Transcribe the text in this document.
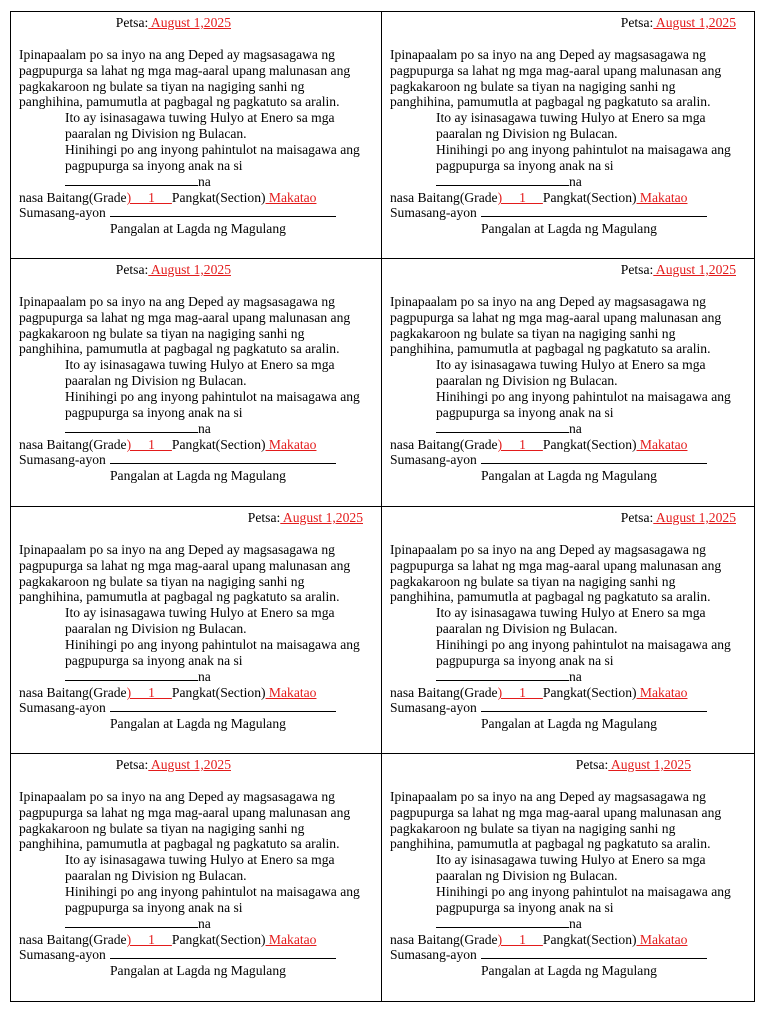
Petsa: August 1,2025

Ipinapaalam po sa inyo na ang Deped ay magsasagawa ng pagpupurga sa lahat ng mga mag-aaral upang malunasan ang pagkakaroon ng bulate sa tiyan na nagiging sanhi ng panghihina, pamumutla at pagbagal ng pagkatuto sa aralin.

Ito ay isinasagawa tuwing Hulyo at Enero sa mga paaralan ng Division ng Bulacan.

Hinihingi po ang inyong pahintulot na maisagawa ang pagpupurga sa inyong anak na si na

nasa Baitang(Grade)     1     Pangkat(Section) Makatao

Sumasang-ayon
Pangalan at Lagda ng Magulang
Petsa: August 1,2025

Ipinapaalam po sa inyo na ang Deped ay magsasagawa ng pagpupurga sa lahat ng mga mag-aaral upang malunasan ang pagkakaroon ng bulate sa tiyan na nagiging sanhi ng panghihina, pamumutla at pagbagal ng pagkatuto sa aralin.

Ito ay isinasagawa tuwing Hulyo at Enero sa mga paaralan ng Division ng Bulacan.

Hinihingi po ang inyong pahintulot na maisagawa ang pagpupurga sa inyong anak na si na

nasa Baitang(Grade)     1     Pangkat(Section) Makatao

Sumasang-ayon
Pangalan at Lagda ng Magulang
Petsa: August 1,2025

Ipinapaalam po sa inyo na ang Deped ay magsasagawa ng pagpupurga sa lahat ng mga mag-aaral upang malunasan ang pagkakaroon ng bulate sa tiyan na nagiging sanhi ng panghihina, pamumutla at pagbagal ng pagkatuto sa aralin.

Ito ay isinasagawa tuwing Hulyo at Enero sa mga paaralan ng Division ng Bulacan.

Hinihingi po ang inyong pahintulot na maisagawa ang pagpupurga sa inyong anak na si na

nasa Baitang(Grade)     1     Pangkat(Section) Makatao

Sumasang-ayon
Pangalan at Lagda ng Magulang
Petsa: August 1,2025

Ipinapaalam po sa inyo na ang Deped ay magsasagawa ng pagpupurga sa lahat ng mga mag-aaral upang malunasan ang pagkakaroon ng bulate sa tiyan na nagiging sanhi ng panghihina, pamumutla at pagbagal ng pagkatuto sa aralin.

Ito ay isinasagawa tuwing Hulyo at Enero sa mga paaralan ng Division ng Bulacan.

Hinihingi po ang inyong pahintulot na maisagawa ang pagpupurga sa inyong anak na si na

nasa Baitang(Grade)     1     Pangkat(Section) Makatao

Sumasang-ayon
Pangalan at Lagda ng Magulang
Petsa: August 1,2025

Ipinapaalam po sa inyo na ang Deped ay magsasagawa ng pagpupurga sa lahat ng mga mag-aaral upang malunasan ang pagkakaroon ng bulate sa tiyan na nagiging sanhi ng panghihina, pamumutla at pagbagal ng pagkatuto sa aralin.

Ito ay isinasagawa tuwing Hulyo at Enero sa mga paaralan ng Division ng Bulacan.

Hinihingi po ang inyong pahintulot na maisagawa ang pagpupurga sa inyong anak na si na

nasa Baitang(Grade)     1     Pangkat(Section) Makatao

Sumasang-ayon
Pangalan at Lagda ng Magulang
Petsa: August 1,2025

Ipinapaalam po sa inyo na ang Deped ay magsasagawa ng pagpupurga sa lahat ng mga mag-aaral upang malunasan ang pagkakaroon ng bulate sa tiyan na nagiging sanhi ng panghihina, pamumutla at pagbagal ng pagkatuto sa aralin.

Ito ay isinasagawa tuwing Hulyo at Enero sa mga paaralan ng Division ng Bulacan.

Hinihingi po ang inyong pahintulot na maisagawa ang pagpupurga sa inyong anak na si na

nasa Baitang(Grade)     1     Pangkat(Section) Makatao

Sumasang-ayon
Pangalan at Lagda ng Magulang
Petsa: August 1,2025

Ipinapaalam po sa inyo na ang Deped ay magsasagawa ng pagpupurga sa lahat ng mga mag-aaral upang malunasan ang pagkakaroon ng bulate sa tiyan na nagiging sanhi ng panghihina, pamumutla at pagbagal ng pagkatuto sa aralin.

Ito ay isinasagawa tuwing Hulyo at Enero sa mga paaralan ng Division ng Bulacan.

Hinihingi po ang inyong pahintulot na maisagawa ang pagpupurga sa inyong anak na si na

nasa Baitang(Grade)     1     Pangkat(Section) Makatao

Sumasang-ayon
Pangalan at Lagda ng Magulang
Petsa: August 1,2025

Ipinapaalam po sa inyo na ang Deped ay magsasagawa ng pagpupurga sa lahat ng mga mag-aaral upang malunasan ang pagkakaroon ng bulate sa tiyan na nagiging sanhi ng panghihina, pamumutla at pagbagal ng pagkatuto sa aralin.

Ito ay isinasagawa tuwing Hulyo at Enero sa mga paaralan ng Division ng Bulacan.

Hinihingi po ang inyong pahintulot na maisagawa ang pagpupurga sa inyong anak na si na

nasa Baitang(Grade)     1     Pangkat(Section) Makatao

Sumasang-ayon
Pangalan at Lagda ng Magulang
